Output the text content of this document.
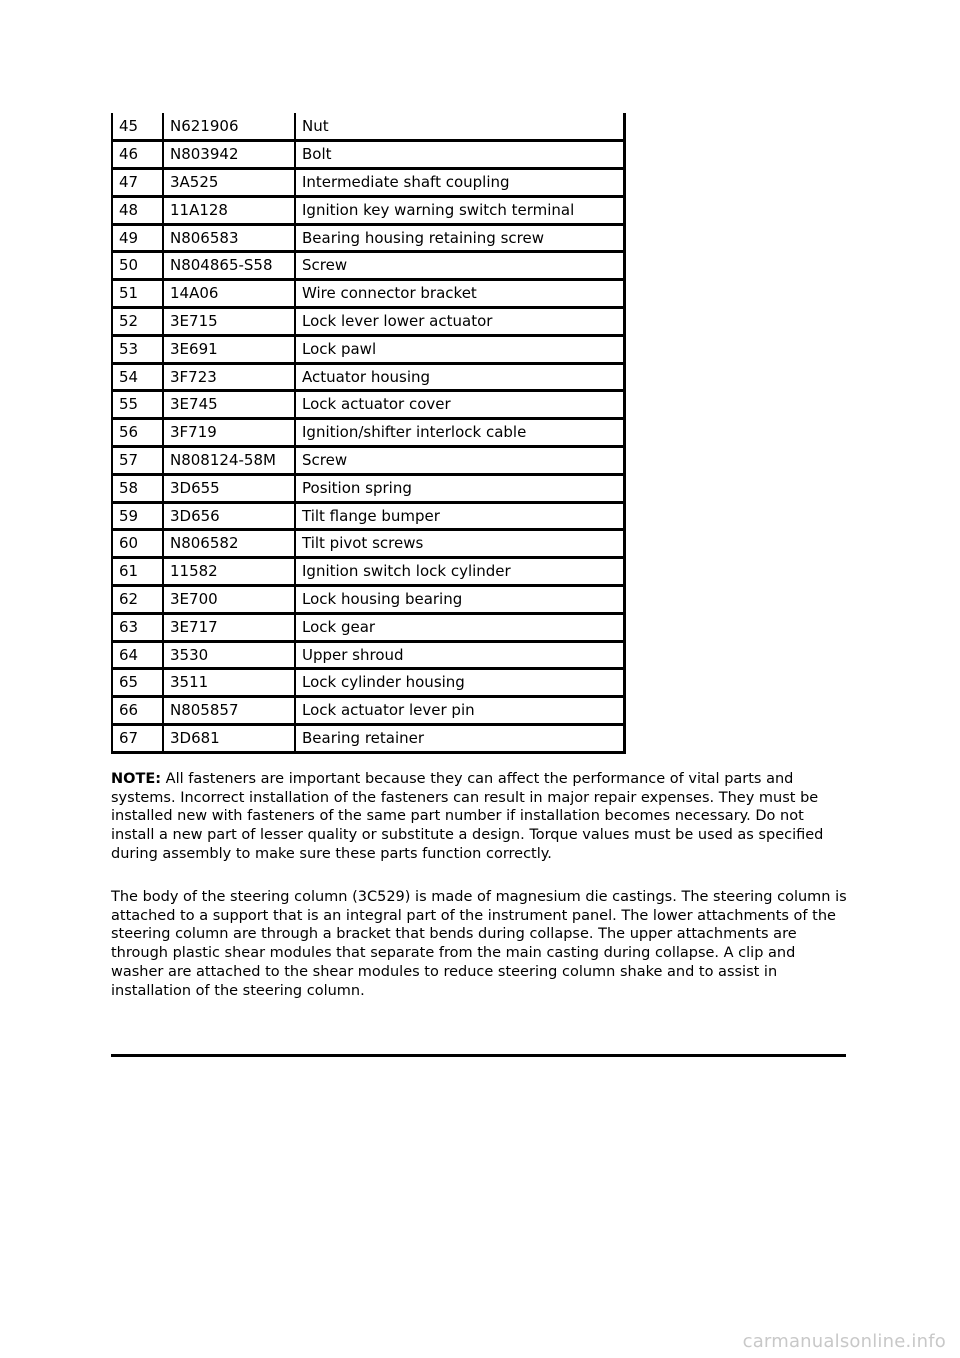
45	N621906	Nut
46	N803942	Bolt
47	3A525	Intermediate shaft coupling
48	11A128	Ignition key warning switch terminal
49	N806583	Bearing housing retaining screw
50	N804865-S58	Screw
51	14A06	Wire connector bracket
52	3E715	Lock lever lower actuator
53	3E691	Lock pawl
54	3F723	Actuator housing
55	3E745	Lock actuator cover
56	3F719	Ignition/shifter interlock cable
57	N808124-58M	Screw
58	3D655	Position spring
59	3D656	Tilt flange bumper
60	N806582	Tilt pivot screws
61	11582	Ignition switch lock cylinder
62	3E700	Lock housing bearing
63	3E717	Lock gear
64	3530	Upper shroud
65	3511	Lock cylinder housing
66	N805857	Lock actuator lever pin
67	3D681	Bearing retainer

NOTE: All fasteners are important because they can affect the performance of vital parts and systems. Incorrect installation of the fasteners can result in major repair expenses. They must be installed new with fasteners of the same part number if installation becomes necessary. Do not install a new part of lesser quality or substitute a design. Torque values must be used as specified during assembly to make sure these parts function correctly.

The body of the steering column (3C529) is made of magnesium die castings. The steering column is attached to a support that is an integral part of the instrument panel. The lower attachments of the steering column are through a bracket that bends during collapse. The upper attachments are through plastic shear modules that separate from the main casting during collapse. A clip and washer are attached to the shear modules to reduce steering column shake and to assist in installation of the steering column.

carmanualsonline.info
